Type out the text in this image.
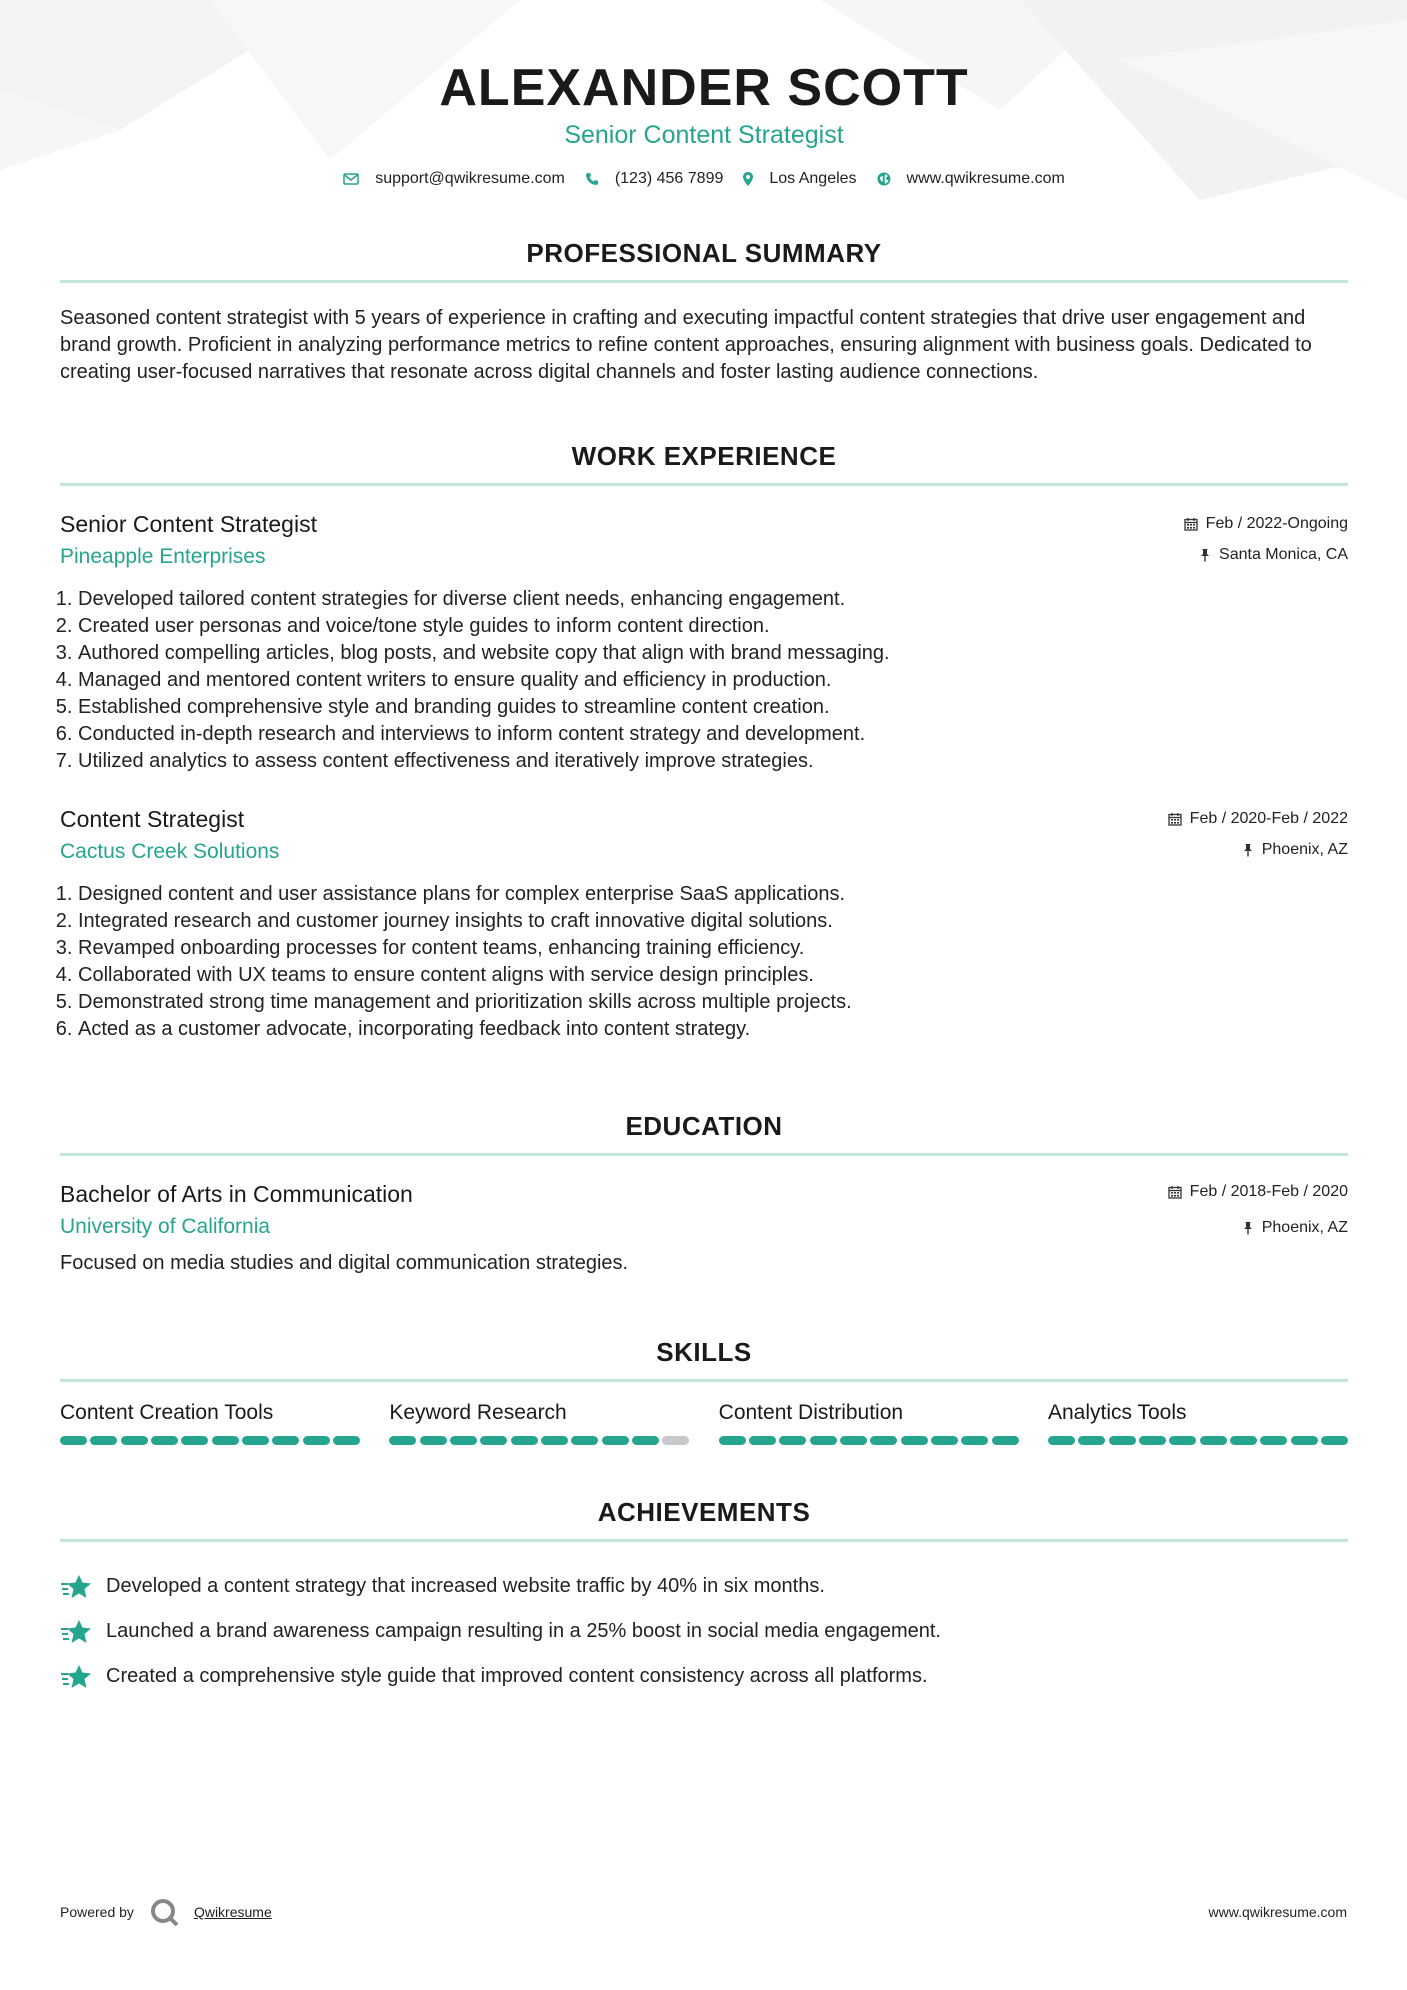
ALEXANDER SCOTT
Senior Content Strategist
support@qwikresume.com	(123) 456 7899	Los Angeles	www.qwikresume.com
PROFESSIONAL SUMMARY
Seasoned content strategist with 5 years of experience in crafting and executing impactful content strategies that drive user engagement and brand growth. Proficient in analyzing performance metrics to refine content approaches, ensuring alignment with business goals. Dedicated to creating user-focused narratives that resonate across digital channels and foster lasting audience connections.
WORK EXPERIENCE
Senior Content Strategist
Pineapple Enterprises
Feb / 2022-Ongoing
Santa Monica, CA
1. Developed tailored content strategies for diverse client needs, enhancing engagement.
2. Created user personas and voice/tone style guides to inform content direction.
3. Authored compelling articles, blog posts, and website copy that align with brand messaging.
4. Managed and mentored content writers to ensure quality and efficiency in production.
5. Established comprehensive style and branding guides to streamline content creation.
6. Conducted in-depth research and interviews to inform content strategy and development.
7. Utilized analytics to assess content effectiveness and iteratively improve strategies.
Content Strategist
Cactus Creek Solutions
Feb / 2020-Feb / 2022
Phoenix, AZ
1. Designed content and user assistance plans for complex enterprise SaaS applications.
2. Integrated research and customer journey insights to craft innovative digital solutions.
3. Revamped onboarding processes for content teams, enhancing training efficiency.
4. Collaborated with UX teams to ensure content aligns with service design principles.
5. Demonstrated strong time management and prioritization skills across multiple projects.
6. Acted as a customer advocate, incorporating feedback into content strategy.
EDUCATION
Bachelor of Arts in Communication
University of California
Feb / 2018-Feb / 2020
Phoenix, AZ
Focused on media studies and digital communication strategies.
SKILLS
Content Creation Tools	Keyword Research	Content Distribution	Analytics Tools
ACHIEVEMENTS
Developed a content strategy that increased website traffic by 40% in six months.
Launched a brand awareness campaign resulting in a 25% boost in social media engagement.
Created a comprehensive style guide that improved content consistency across all platforms.
Powered by	Qwikresume	www.qwikresume.com
